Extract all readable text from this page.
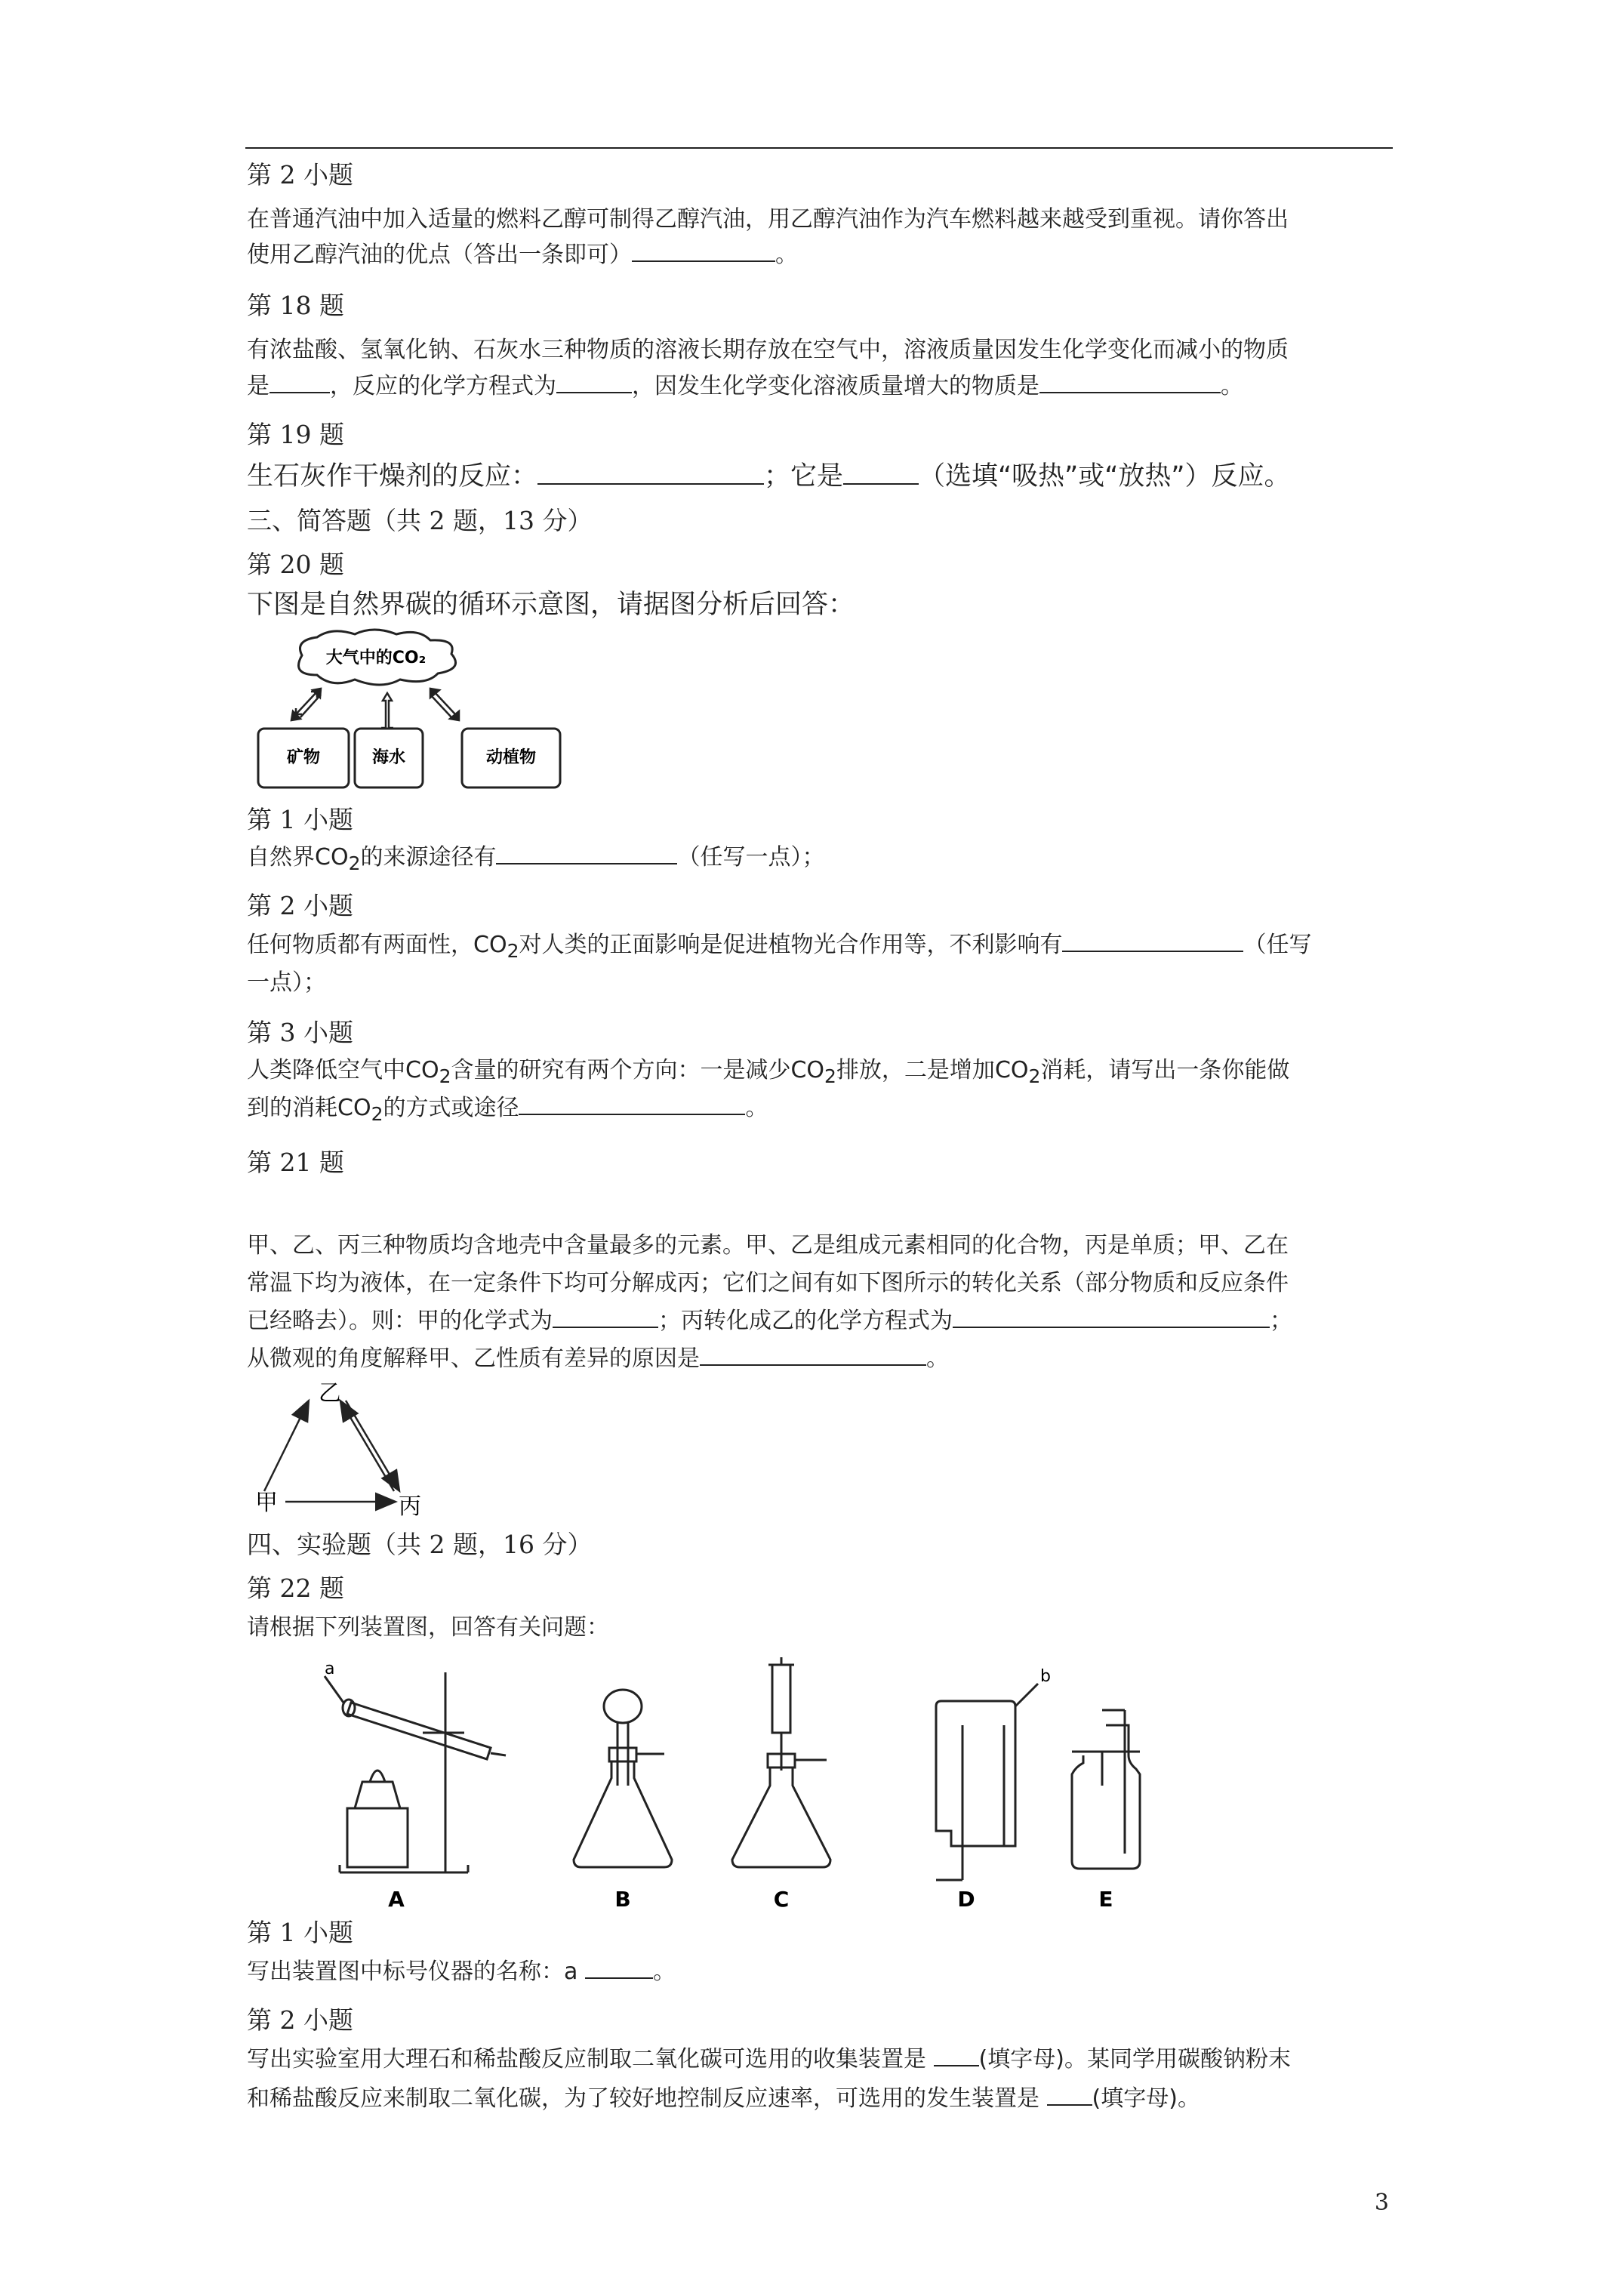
第 2 小题
在普通汽油中加入适量的燃料乙醇可制得乙醇汽油，用乙醇汽油作为汽车燃料越来越受到重视。请你答出
使用乙醇汽油的优点（答出一条即可）	。
第 18 题
有浓盐酸、氢氧化钠、石灰水三种物质的溶液长期存放在空气中，溶液质量因发生化学变化而减小的物质
是	，反应的化学方程式为	，因发生化学变化溶液质量增大的物质是	。
第 19 题
生石灰作干燥剂的反应：	；它是	（选填“吸热”或“放热”）反应。
三、简答题（共 2 题，13 分）
第 20 题
下图是自然界碳的循环示意图，请据图分析后回答：
大气中的CO₂
矿物	海水	动植物
第 1 小题
自然界$CO_2$的来源途径有	（任写一点）；
第 2 小题
任何物质都有两面性，$CO_2$对人类的正面影响是促进植物光合作用等，不利影响有	（任写
一点）；
第 3 小题
人类降低空气中$CO_2$含量的研究有两个方向：一是减少$CO_2$排放，二是增加$CO_2$消耗，请写出一条你能做
到的消耗$CO_2$的方式或途径	。
第 21 题
甲、乙、丙三种物质均含地壳中含量最多的元素。甲、乙是组成元素相同的化合物，丙是单质；甲、乙在
常温下均为液体，在一定条件下均可分解成丙；它们之间有如下图所示的转化关系（部分物质和反应条件
已经略去）。则：甲的化学式为	；丙转化成乙的化学方程式为	；
从微观的角度解释甲、乙性质有差异的原因是	。
乙
甲	丙
四、实验题（共 2 题，16 分）
第 22 题
请根据下列装置图，回答有关问题：
a	b
A	B	C	D	E
第 1 小题
写出装置图中标号仪器的名称：a	。
第 2 小题
写出实验室用大理石和稀盐酸反应制取二氧化碳可选用的收集装置是 (填字母)。某同学用碳酸钠粉末
和稀盐酸反应来制取二氧化碳，为了较好地控制反应速率，可选用的发生装置是 (填字母)。
3
